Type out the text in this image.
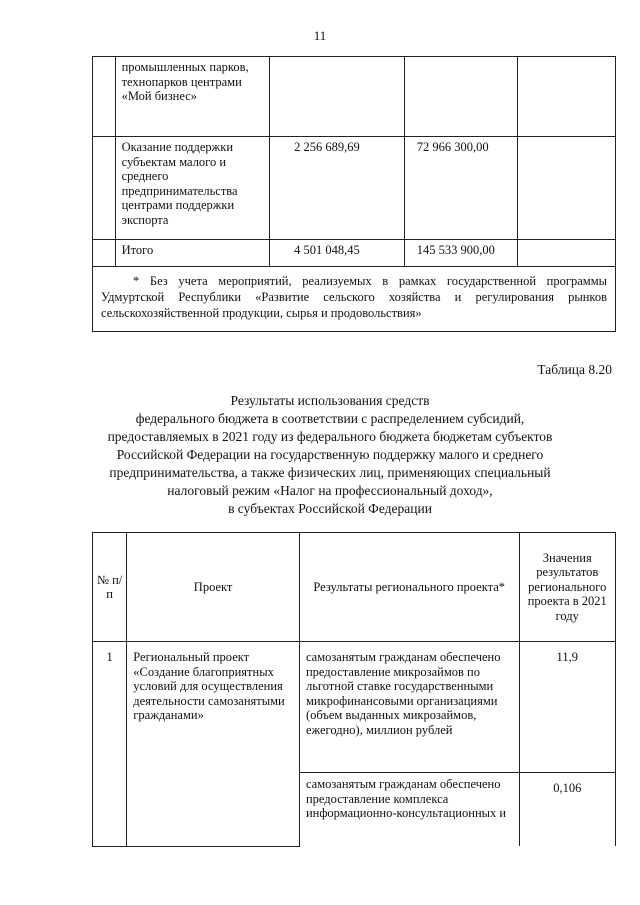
11
	промышленных парков, технопарков центрами «Мой бизнес»			
	Оказание поддержки субъектам малого и среднего предпринимательства центрами поддержки экспорта	2 256 689,69	72 966 300,00	
	Итого	4 501 048,45	145 533 900,00	
* Без учета мероприятий, реализуемых в рамках государственной программы Удмуртской Республики «Развитие сельского хозяйства и регулирования рынков сельскохозяйственной продукции, сырья и продовольствия»				
Таблица 8.20
Результаты использования средств
федерального бюджета в соответствии с распределением субсидий,
предоставляемых в 2021 году из федерального бюджета бюджетам субъектов
Российской Федерации на государственную поддержку малого и среднего
предпринимательства, а также физических лиц, применяющих специальный
налоговый режим «Налог на профессиональный доход»,
в субъектах Российской Федерации
№ п/п	Проект	Результаты регионального проекта*	Значения результатов регионального проекта в 2021 году
1	Региональный проект «Создание благоприятных условий для осуществления деятельности самозанятыми гражданами»	самозанятым гражданам обеспечено предоставление микрозаймов по льготной ставке государственными микрофинансовыми организациями (объем выданных микрозаймов, ежегодно), миллион рублей	11,9
		самозанятым гражданам обеспечено предоставление комплекса информационно-консультационных и	0,106
